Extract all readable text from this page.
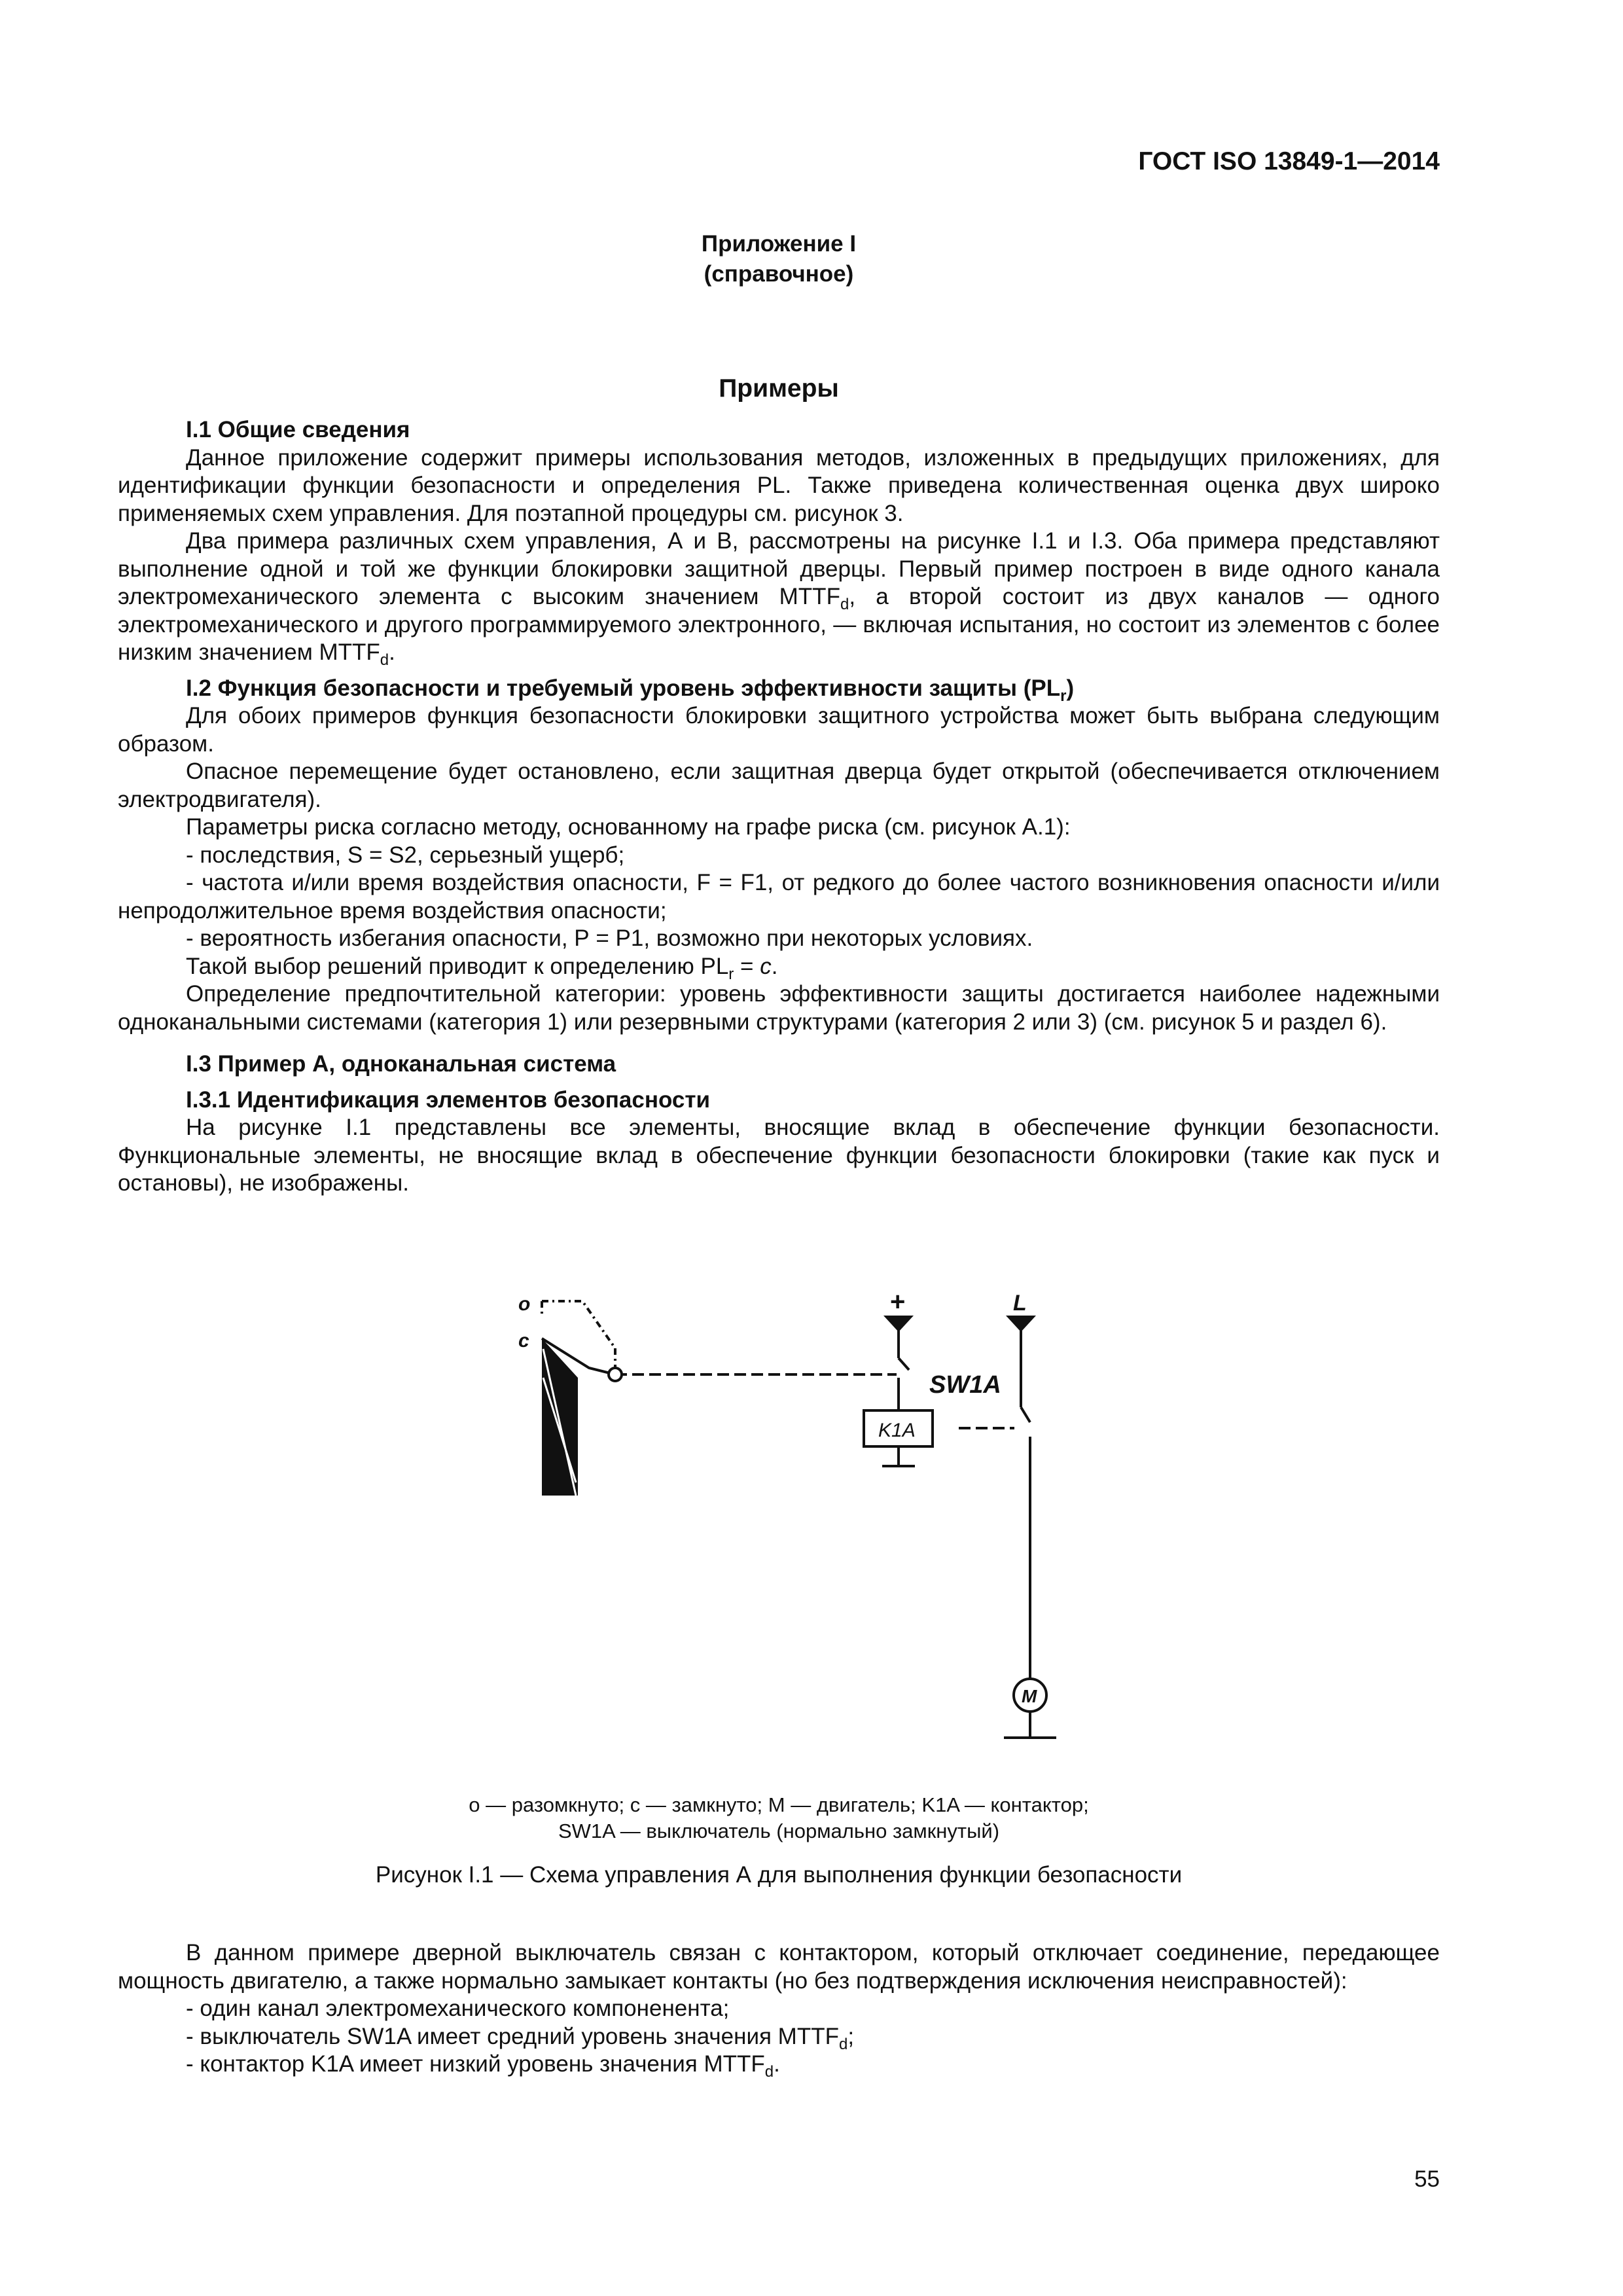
ГОСТ ISO 13849-1—2014
Приложение I
(справочное)
Примеры
I.1 Общие сведения

Данное приложение содержит примеры использования методов, изложенных в предыдущих приложениях, для идентификации функции безопасности и определения PL. Также приведена количественная оценка двух широко применяемых схем управления. Для поэтапной процедуры см. рисунок 3.

Два примера различных схем управления, А и B, рассмотрены на рисунке I.1 и I.3. Оба примера представляют выполнение одной и той же функции блокировки защитной дверцы. Первый пример построен в виде одного канала электромеханического элемента с высоким значением $MTTF_d$, а второй состоит из двух каналов — одного электромеханического и другого программируемого электронного, — включая испытания, но состоит из элементов с более низким значением $MTTF_d$.

I.2 Функция безопасности и требуемый уровень эффективности защиты $(PL_r)$

Для обоих примеров функция безопасности блокировки защитного устройства может быть выбрана следующим образом.

Опасное перемещение будет остановлено, если защитная дверца будет открытой (обеспечивается отключением электродвигателя).

Параметры риска согласно методу, основанному на графе риска (см. рисунок А.1):

- последствия, S = S2, серьезный ущерб;

- частота и/или время воздействия опасности, F = F1, от редкого до более частого возникновения опасности и/или непродолжительное время воздействия опасности;

- вероятность избегания опасности, Р = Р1, возможно при некоторых условиях.

Такой выбор решений приводит к определению $PL_r = c$.

Определение предпочтительной категории: уровень эффективности защиты достигается наиболее надежными одноканальными системами (категория 1) или резервными структурами (категория 2 или 3) (см. рисунок 5 и раздел 6).

I.3 Пример А, одноканальная система
I.3.1 Идентификация элементов безопасности

На рисунке I.1 представлены все элементы, вносящие вклад в обеспечение функции безопасности. Функциональные элементы, не вносящие вклад в обеспечение функции безопасности блокировки (такие как пуск и остановы), не изображены.

o
c
+	L
SW1A
K1A
M
o — разомкнуто; c — замкнуто; M — двигатель; K1A — контактор;
SW1A — выключатель (нормально замкнутый)
Рисунок I.1 — Схема управления А для выполнения функции безопасности

В данном примере дверной выключатель связан с контактором, который отключает соединение, передающее мощность двигателю, а также нормально замыкает контакты (но без подтверждения исключения неисправностей):

- один канал электромеханического компоненента;

- выключатель SW1A имеет средний уровень значения $MTTF_d$;

- контактор K1A имеет низкий уровень значения $MTTF_d$.

55
